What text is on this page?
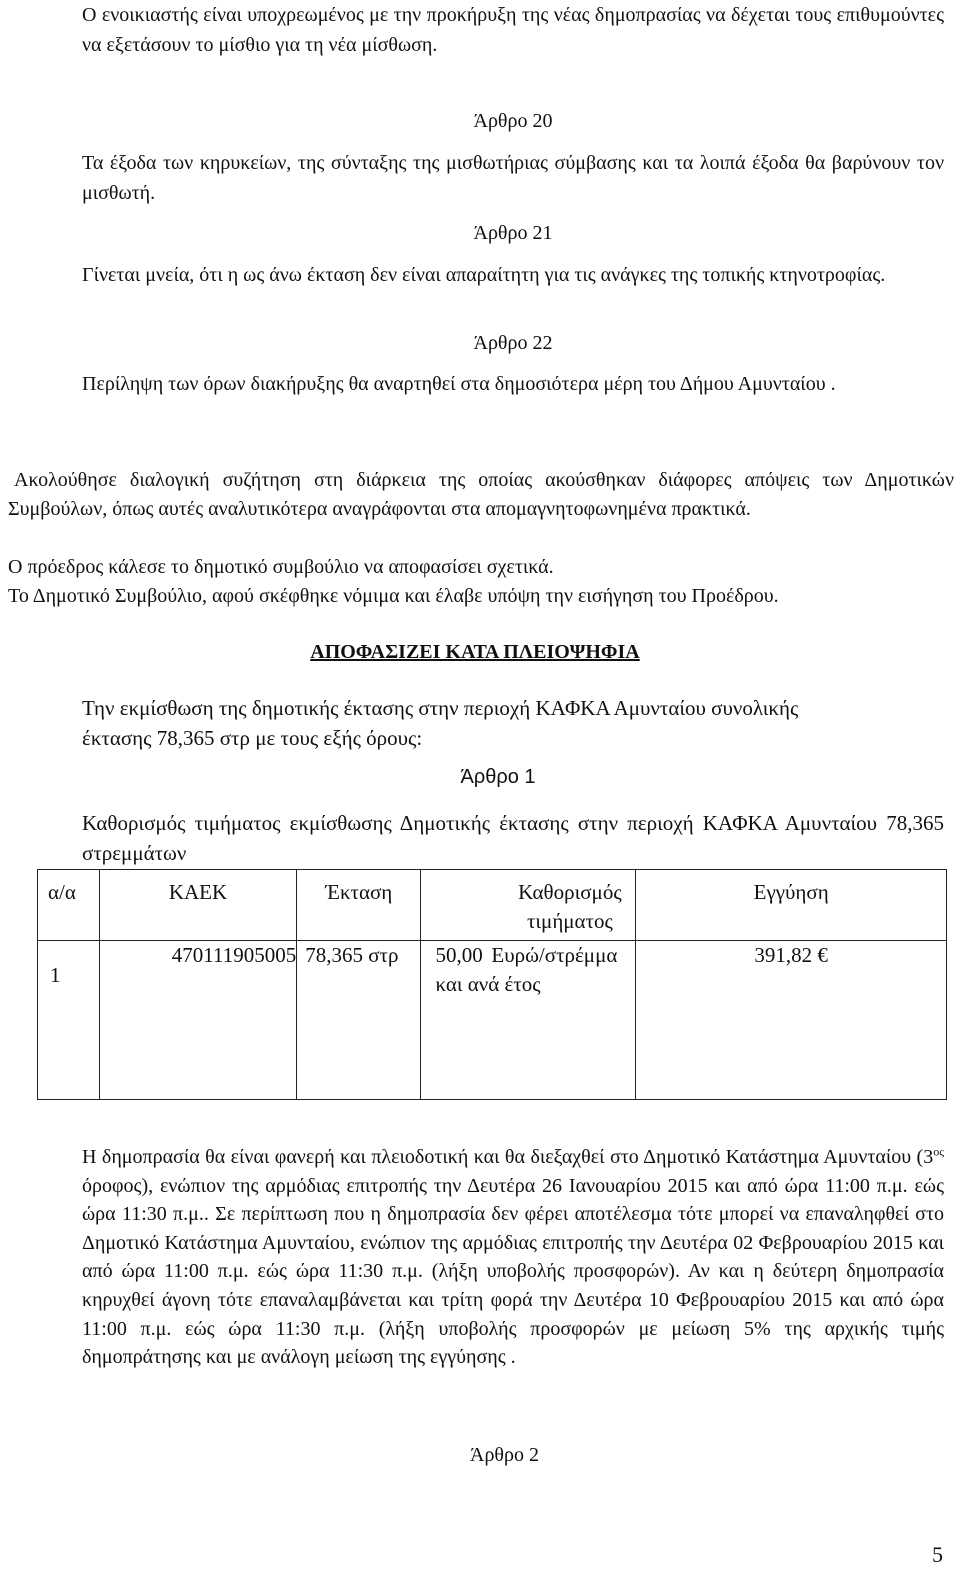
Ο ενοικιαστής είναι υποχρεωμένος με την προκήρυξη της νέας δημοπρασίας να δέχεται τους επιθυμούντες να εξετάσουν το μίσθιο για τη νέα μίσθωση.

Άρθρο 20

Τα έξοδα των κηρυκείων, της σύνταξης της μισθωτήριας σύμβασης και τα λοιπά έξοδα θα βαρύνουν τον μισθωτή.

Άρθρο 21

Γίνεται μνεία, ότι η ως άνω έκταση δεν είναι απαραίτητη για τις ανάγκες της τοπικής κτηνοτροφίας.

Άρθρο 22

Περίληψη των όρων διακήρυξης θα αναρτηθεί στα δημοσιότερα μέρη του Δήμου Αμυνταίου .

Ακολούθησε διαλογική συζήτηση στη διάρκεια της οποίας ακούσθηκαν διάφορες απόψεις των Δημοτικών Συμβούλων, όπως αυτές αναλυτικότερα αναγράφονται στα απομαγνητοφωνημένα πρακτικά.

Ο πρόεδρος κάλεσε το δημοτικό συμβούλιο να αποφασίσει σχετικά.

Το Δημοτικό Συμβούλιο, αφού σκέφθηκε νόμιμα και έλαβε υπόψη την εισήγηση του Προέδρου.

ΑΠΟΦΑΣΙΖΕΙ ΚΑΤΑ ΠΛΕΙΟΨΗΦΙΑ

Την εκμίσθωση της δημοτικής έκτασης στην περιοχή ΚΑΦΚΑ Αμυνταίου συνολικής έκτασης 78,365 στρ με τους εξής όρους:

Άρθρο 1

Καθορισμός τιμήματος εκμίσθωσης Δημοτικής έκτασης στην περιοχή ΚΑΦΚΑ Αμυνταίου 78,365 στρεμμάτων

α/α	ΚΑΕΚ	Έκταση	Καθορισμός τιμήματος	Εγγύηση
1	470111905005	78,365 στρ	50,00 Ευρώ/στρέμμα και ανά έτος	391,82 €

Η δημοπρασία θα είναι φανερή και πλειοδοτική και θα διεξαχθεί στο Δημοτικό Κατάστημα Αμυνταίου ($3^{o\varsigma}$ όροφος), ενώπιον της αρμόδιας επιτροπής την Δευτέρα 26 Ιανουαρίου 2015 και από ώρα 11:00 π.μ. εώς ώρα 11:30 π.μ.. Σε περίπτωση που η δημοπρασία δεν φέρει αποτέλεσμα τότε μπορεί να επαναληφθεί στο Δημοτικό Κατάστημα Αμυνταίου, ενώπιον της αρμόδιας επιτροπής την Δευτέρα 02 Φεβρουαρίου 2015 και από ώρα 11:00 π.μ. εώς ώρα 11:30 π.μ. (λήξη υποβολής προσφορών). Αν και η δεύτερη δημοπρασία κηρυχθεί άγονη τότε επαναλαμβάνεται και τρίτη φορά την Δευτέρα 10 Φεβρουαρίου 2015 και από ώρα 11:00 π.μ. εώς ώρα 11:30 π.μ. (λήξη υποβολής προσφορών με μείωση 5% της αρχικής τιμής δημοπράτησης και με ανάλογη μείωση της εγγύησης .

Άρθρο 2
5
